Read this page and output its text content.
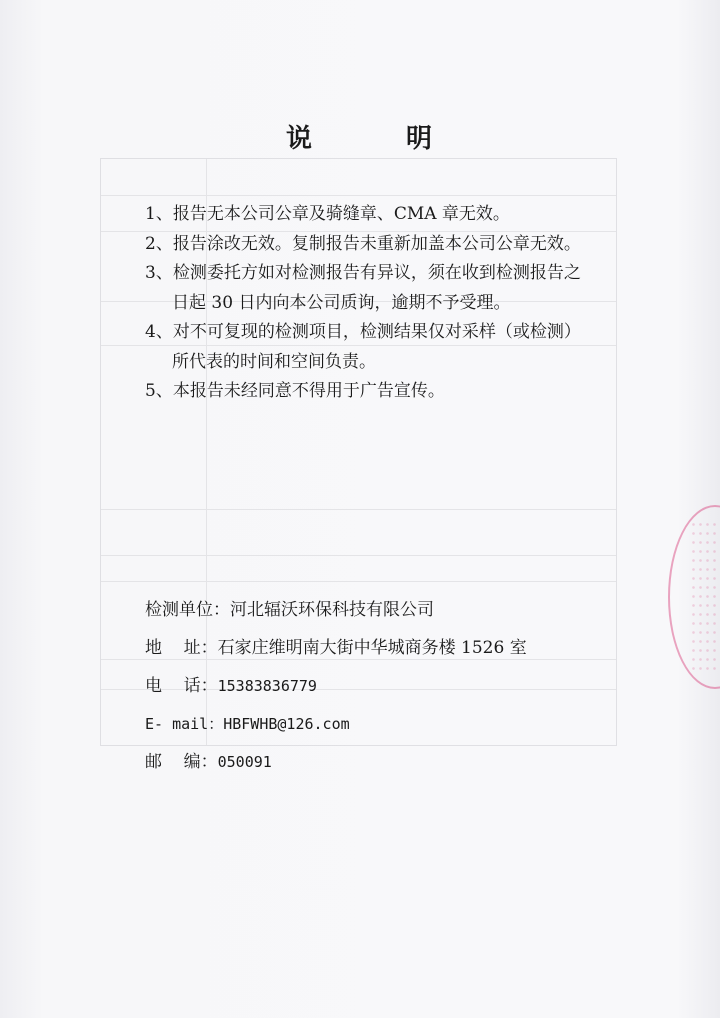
说	明

1、报告无本公司公章及骑缝章、CMA 章无效。

2、报告涂改无效。复制报告未重新加盖本公司公章无效。

3、检测委托方如对检测报告有异议，须在收到检测报告之
日起 30 日内向本公司质询，逾期不予受理。

4、对不可复现的检测项目，检测结果仅对采样（或检测）
所代表的时间和空间负责。

5、本报告未经同意不得用于广告宣传。

检测单位：河北辐沃环保科技有限公司
地    址：石家庄维明南大街中华城商务楼 1526 室
电    话：15383836779
E- mail：HBFWHB@126.com
邮    编：050091
